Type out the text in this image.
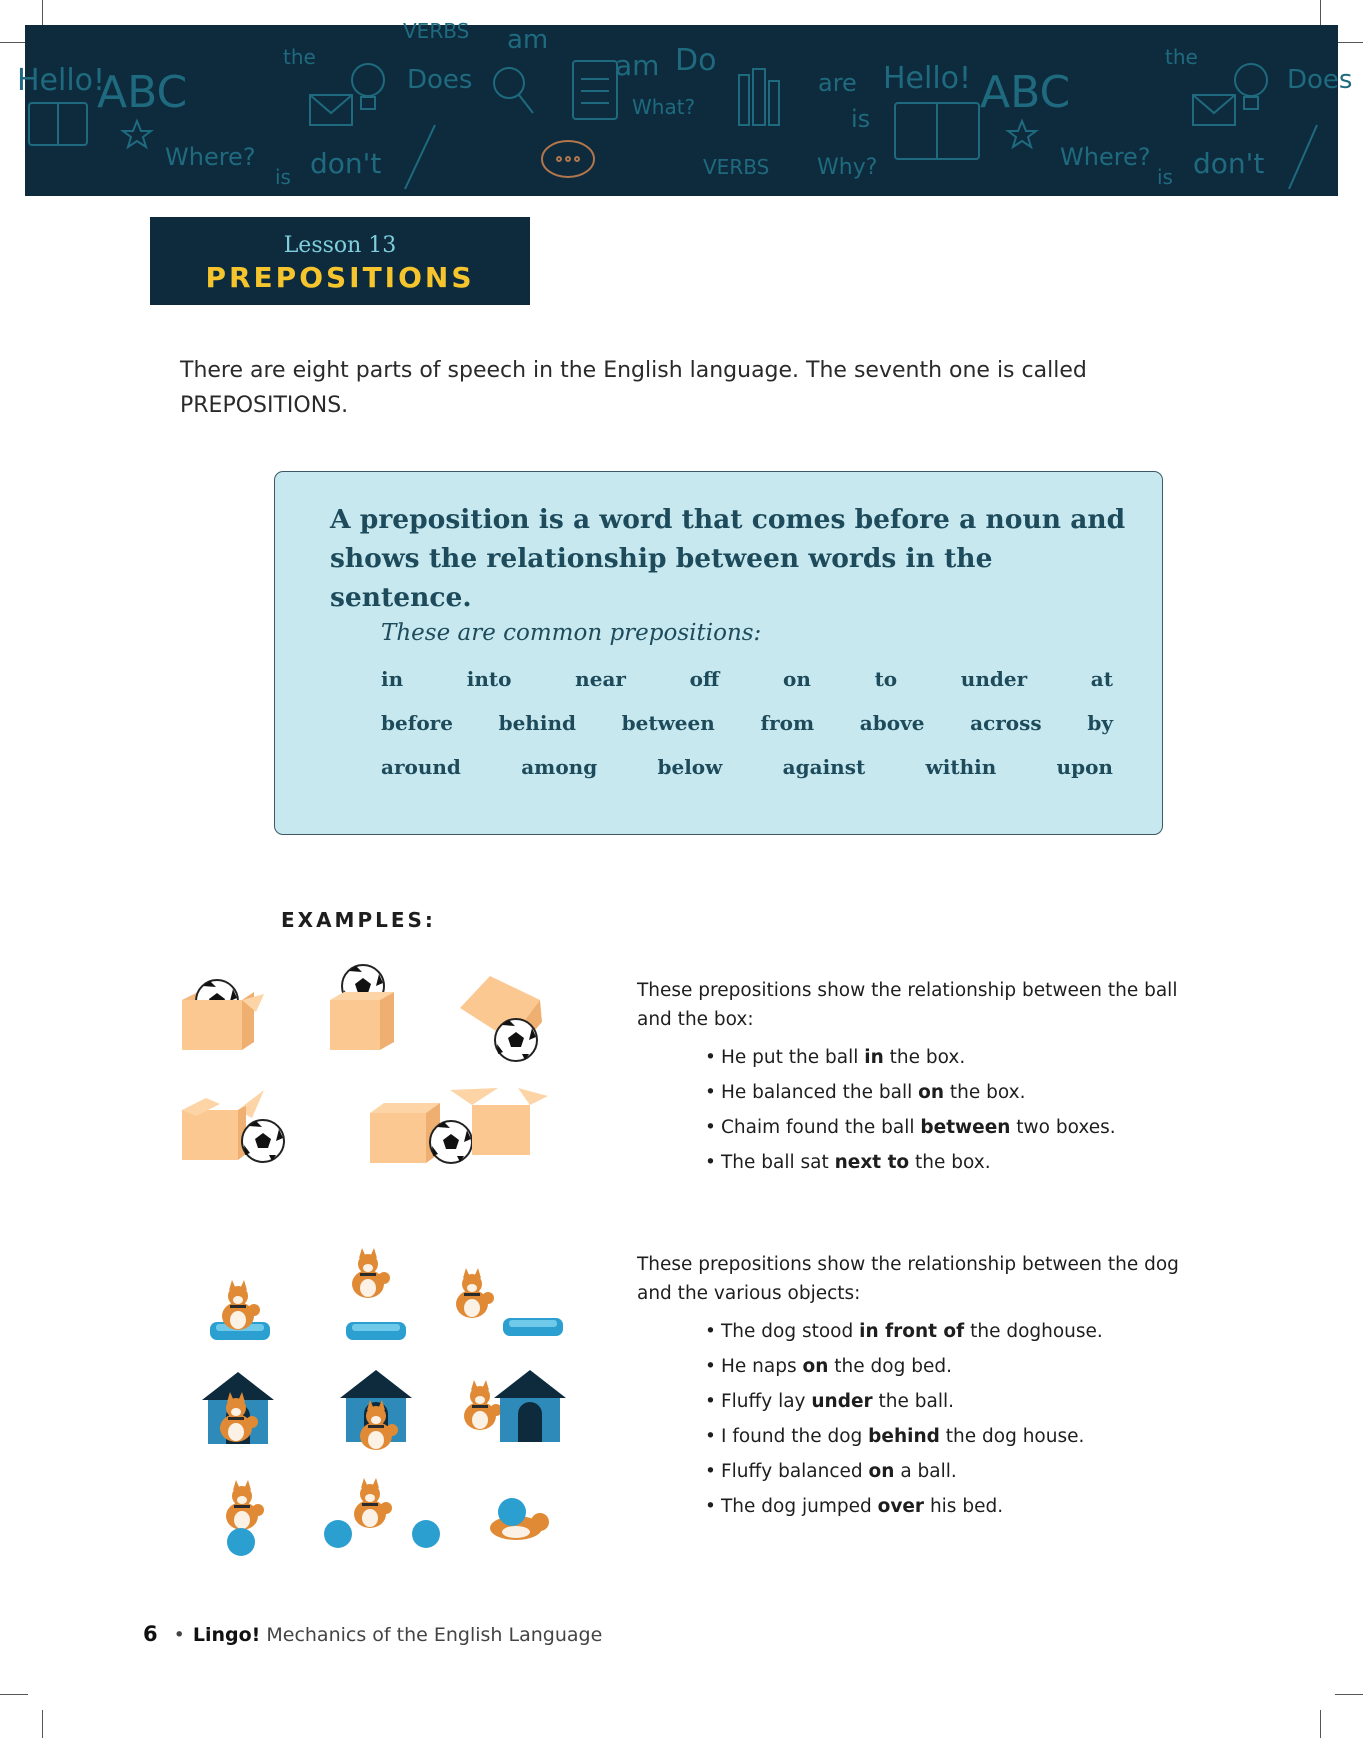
Hello!
ABC
the
VERBS am
Does	am Do
What?
are
is
Where? don't
is	Why?
VERBS
Hello! ABC
the
Where? don't
is
Does
Lesson 13
PREPOSITIONS
There are eight parts of speech in the English language. The seventh one is called PREPOSITIONS.
A preposition is a word that comes before a noun and shows the relationship between words in the sentence.
These are common prepositions:
in	into	near	off	on	to	under	at
before behind between from above across by
around	among	below	against	within	upon
EXAMPLES:
These prepositions show the relationship between the ball and the box:
• He put the ball in the box.
• He balanced the ball on the box.
• Chaim found the ball between two boxes.
• The ball sat next to the box.
These prepositions show the relationship between the dog and the various objects:
• The dog stood in front of the doghouse.
• He naps on the dog bed.
• Fluffy lay under the ball.
• I found the dog behind the dog house.
• Fluffy balanced on a ball.
• The dog jumped over his bed.
6 • Lingo! Mechanics of the English Language
